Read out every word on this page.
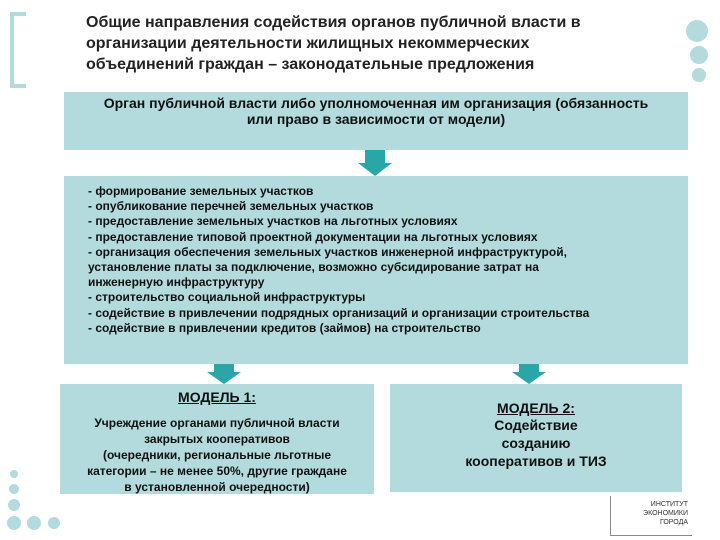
Общие направления содействия органов публичной власти в
организации деятельности жилищных некоммерческих
объединений граждан – законодательные предложения
Орган публичной власти либо уполномоченная им организация (обязанность
или право в зависимости от модели)
- формирование земельных участков
- опубликование перечней земельных участков
- предоставление земельных участков на льготных условиях
- предоставление типовой проектной документации на льготных условиях
- организация обеспечения земельных участков инженерной инфраструктурой,
установление платы за подключение, возможно субсидирование затрат на
инженерную инфраструктуру
- строительство социальной инфраструктуры
- содействие в привлечении подрядных организаций и организации строительства
- содействие в привлечении кредитов (займов) на строительство
МОДЕЛЬ 1:
Учреждение органами публичной власти
закрытых кооперативов
(очередники, региональные льготные
категории – не менее 50%, другие граждане
в установленной очередности)
МОДЕЛЬ 2:
Содействие
созданию
кооперативов и ТИЗ
ИНСТИТУТ
ЭКОНОМИКИ
ГОРОДА
